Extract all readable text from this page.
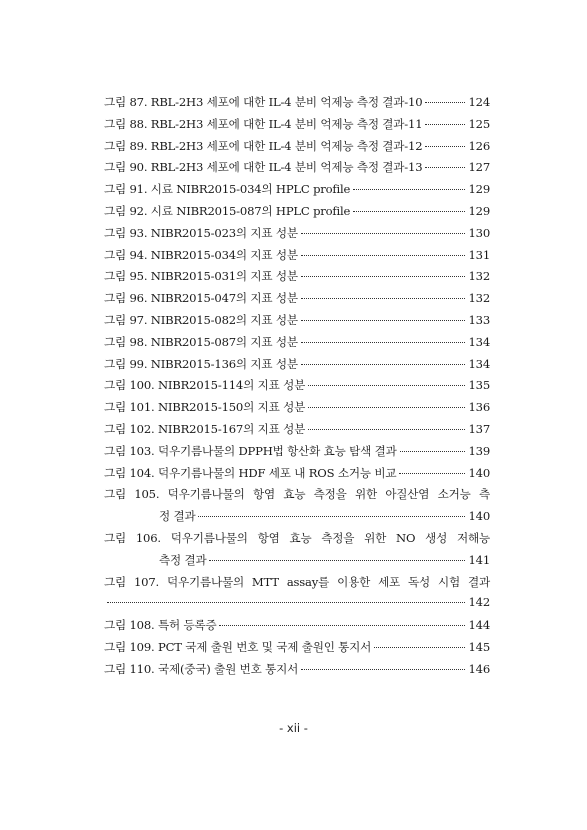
그림 87. RBL-2H3 세포에 대한 IL-4 분비 억제능 측정 결과-10	124
그림 88. RBL-2H3 세포에 대한 IL-4 분비 억제능 측정 결과-11	125
그림 89. RBL-2H3 세포에 대한 IL-4 분비 억제능 측정 결과-12	126
그림 90. RBL-2H3 세포에 대한 IL-4 분비 억제능 측정 결과-13	127
그림 91. 시료 NIBR2015-034의 HPLC profile	129
그림 92. 시료 NIBR2015-087의 HPLC profile	129
그림 93. NIBR2015-023의 지표 성분	130
그림 94. NIBR2015-034의 지표 성분	131
그림 95. NIBR2015-031의 지표 성분	132
그림 96. NIBR2015-047의 지표 성분	132
그림 97. NIBR2015-082의 지표 성분	133
그림 98. NIBR2015-087의 지표 성분	134
그림 99. NIBR2015-136의 지표 성분	134
그림 100. NIBR2015-114의 지표 성분	135
그림 101. NIBR2015-150의 지표 성분	136
그림 102. NIBR2015-167의 지표 성분	137
그림 103. 덕우기름나물의 DPPH법 항산화 효능 탐색 결과	139
그림 104. 덕우기름나물의 HDF 세포 내 ROS 소거능 비교	140
그림 105. 덕우기름나물의 항염 효능 측정을 위한 아질산염 소거능 측
정 결과	140
그림 106. 덕우기름나물의 항염 효능 측정을 위한 NO 생성 저해능
측정 결과	141
그림 107. 덕우기름나물의 MTT assay를 이용한 세포 독성 시험 결과
142
그림 108. 특허 등록증	144
그림 109. PCT 국제 출원 번호 및 국제 출원인 통지서	145
그림 110. 국제(중국) 출원 번호 통지서	146
- xii -
